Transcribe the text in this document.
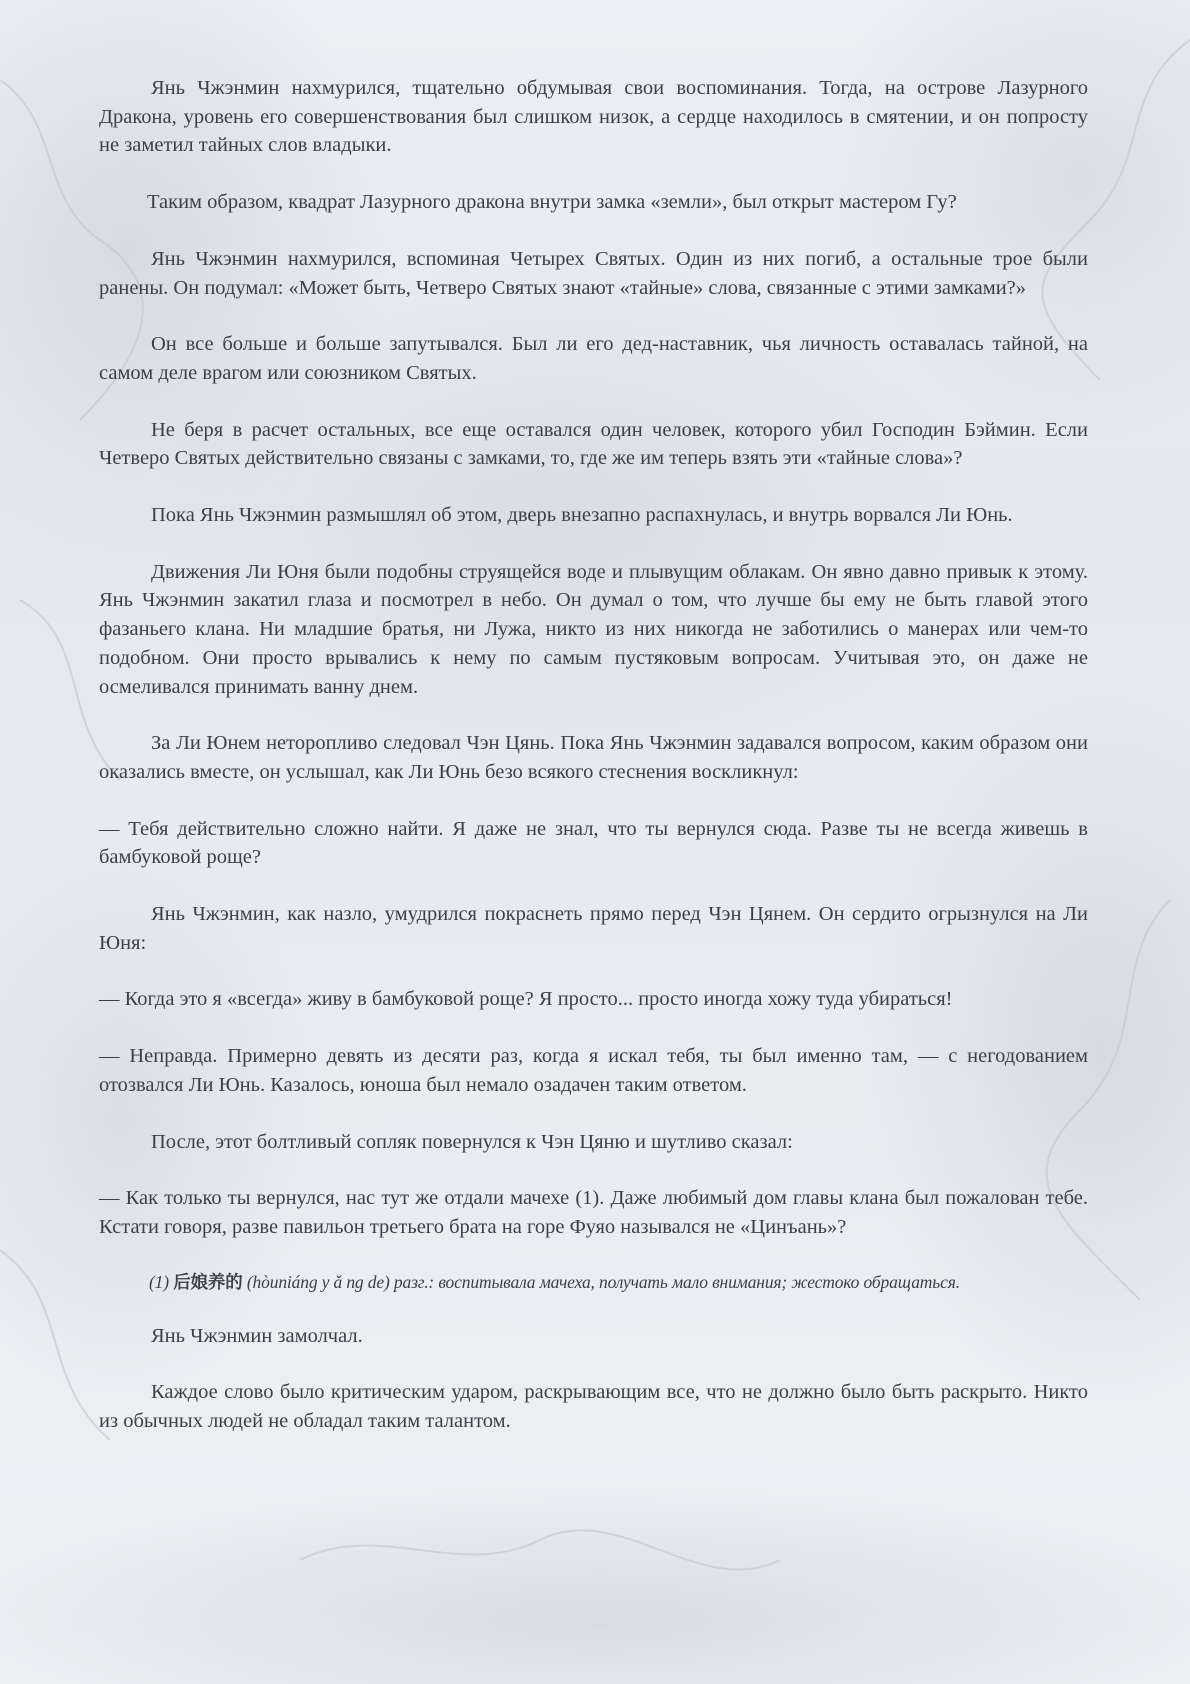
Янь Чжэнмин нахмурился, тщательно обдумывая свои воспоминания. Тогда, на острове Лазурного Дракона, уровень его совершенствования был слишком низок, а сердце находилось в смятении, и он попросту не заметил тайных слов владыки.

Таким образом, квадрат Лазурного дракона внутри замка «земли», был открыт мастером Гу?

Янь Чжэнмин нахмурился, вспоминая Четырех Святых. Один из них погиб, а остальные трое были ранены. Он подумал: «Может быть, Четверо Святых знают «тайные» слова, связанные с этими замками?»

Он все больше и больше запутывался. Был ли его дед-наставник, чья личность оставалась тайной, на самом деле врагом или союзником Святых.

Не беря в расчет остальных, все еще оставался один человек, которого убил Господин Бэймин. Если Четверо Святых действительно связаны с замками, то, где же им теперь взять эти «тайные слова»?

Пока Янь Чжэнмин размышлял об этом, дверь внезапно распахнулась, и внутрь ворвался Ли Юнь.

Движения Ли Юня были подобны струящейся воде и плывущим облакам. Он явно давно привык к этому. Янь Чжэнмин закатил глаза и посмотрел в небо. Он думал о том, что лучше бы ему не быть главой этого фазаньего клана. Ни младшие братья, ни Лужа, никто из них никогда не заботились о манерах или чем-то подобном. Они просто врывались к нему по самым пустяковым вопросам. Учитывая это, он даже не осмеливался принимать ванну днем.

За Ли Юнем неторопливо следовал Чэн Цянь. Пока Янь Чжэнмин задавался вопросом, каким образом они оказались вместе, он услышал, как Ли Юнь безо всякого стеснения воскликнул:

— Тебя действительно сложно найти. Я даже не знал, что ты вернулся сюда. Разве ты не всегда живешь в бамбуковой роще?

Янь Чжэнмин, как назло, умудрился покраснеть прямо перед Чэн Цянем. Он сердито огрызнулся на Ли Юня:

— Когда это я «всегда» живу в бамбуковой роще? Я просто... просто иногда хожу туда убираться!

— Неправда. Примерно девять из десяти раз, когда я искал тебя, ты был именно там, — с негодованием отозвался Ли Юнь. Казалось, юноша был немало озадачен таким ответом.

После, этот болтливый сопляк повернулся к Чэн Цяню и шутливо сказал:

— Как только ты вернулся, нас тут же отдали мачехе (1). Даже любимый дом главы клана был пожалован тебе. Кстати говоря, разве павильон третьего брата на горе Фуяо назывался не «Цинъань»?

(1) 后娘养的 (hòuniáng y ǎ ng de) разг.: воспитывала мачеха, получать мало внимания; жестоко обращаться.

Янь Чжэнмин замолчал.

Каждое слово было критическим ударом, раскрывающим все, что не должно было быть раскрыто. Никто из обычных людей не обладал таким талантом.
